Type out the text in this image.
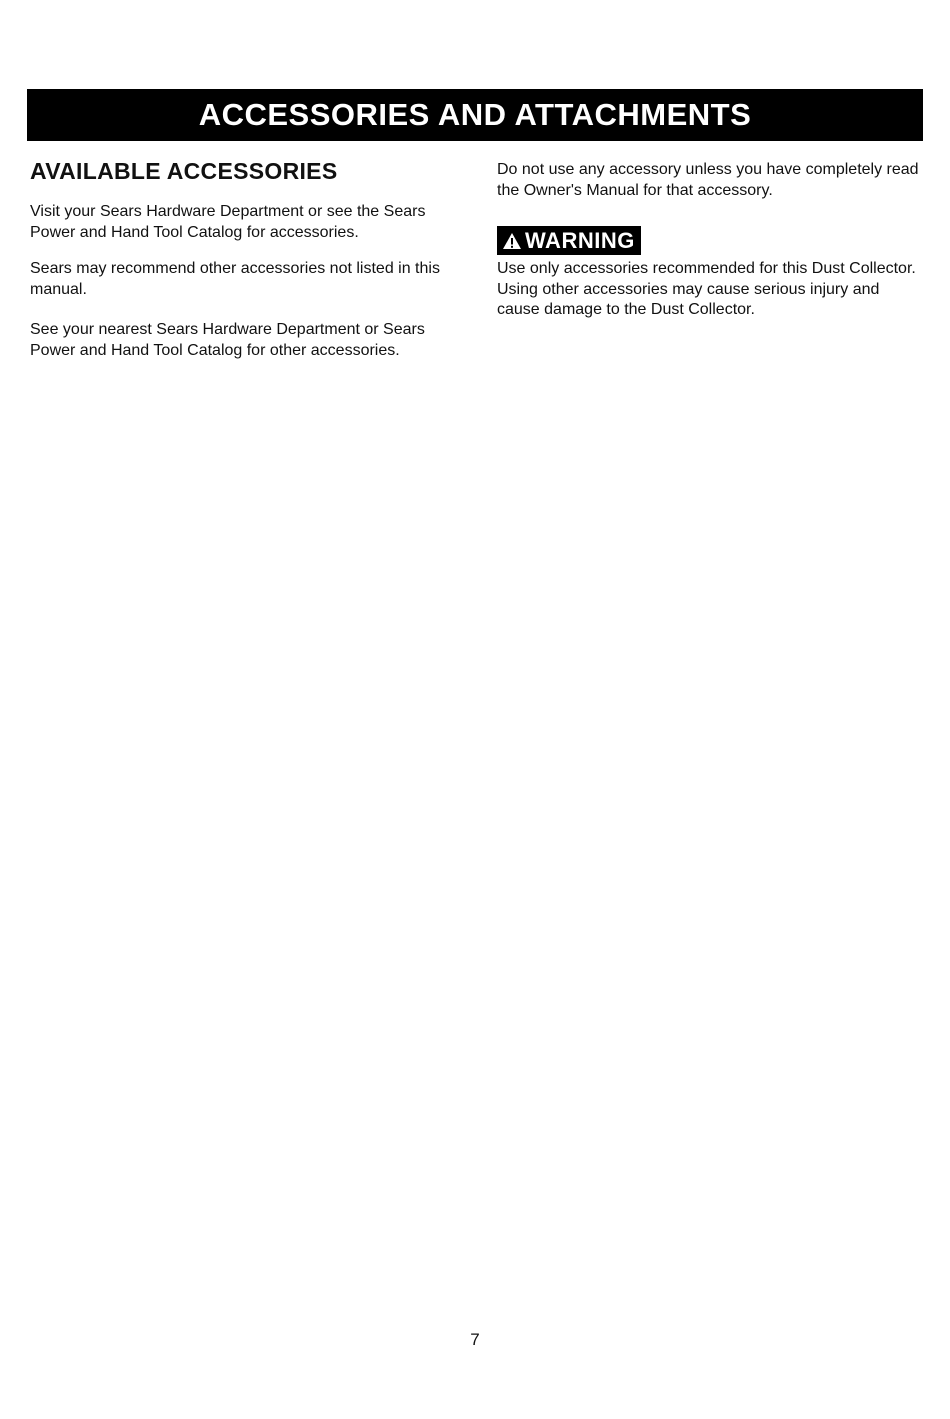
ACCESSORIES AND ATTACHMENTS
AVAILABLE ACCESSORIES

Visit your Sears Hardware Department or see the Sears Power and Hand Tool Catalog for accessories.

Sears may recommend other accessories not listed in this manual.

See your nearest Sears Hardware Department or Sears Power and Hand Tool Catalog for other accessories.

Do not use any accessory unless you have completely read the Owner's Manual for that accessory.

WARNING

Use only accessories recommended for this Dust Collector. Using other accessories may cause serious injury and cause damage to the Dust Collector.

7
